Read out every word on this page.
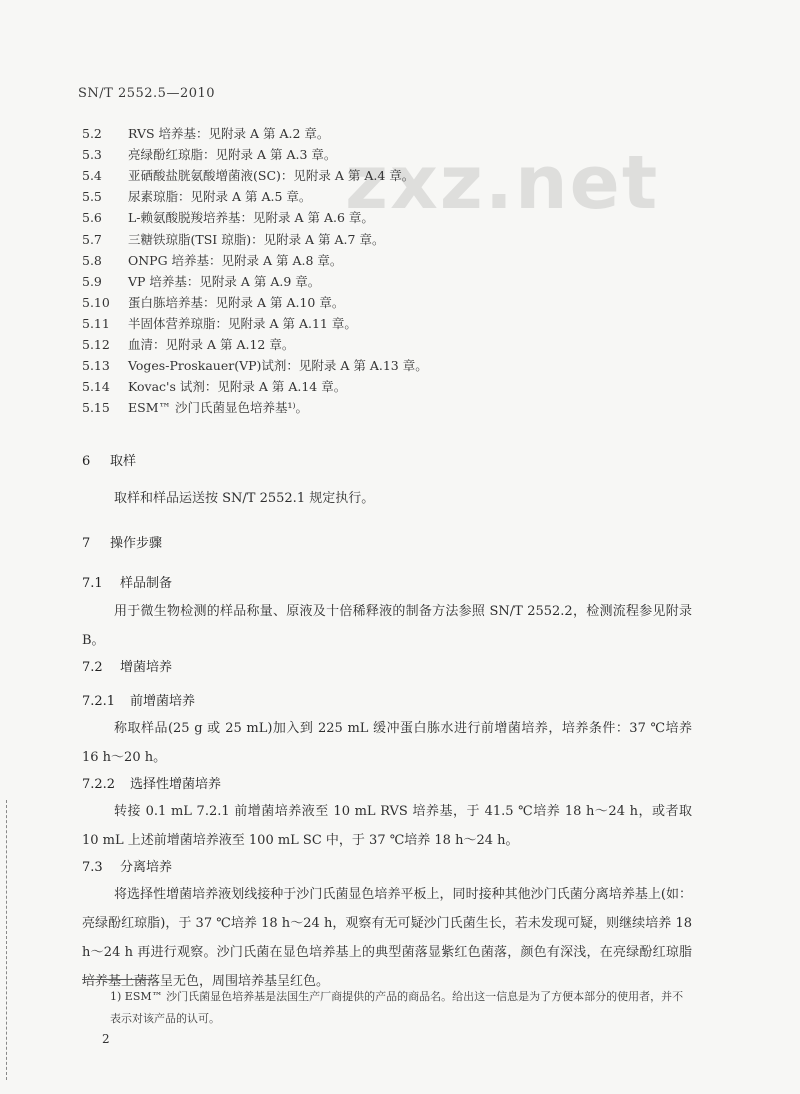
SN/T 2552.5—2010
zxz.net
5.2 RVS 培养基：见附录 A 第 A.2 章。
5.3 亮绿酚红琼脂：见附录 A 第 A.3 章。
5.4 亚硒酸盐胱氨酸增菌液(SC)：见附录 A 第 A.4 章。
5.5 尿素琼脂：见附录 A 第 A.5 章。
5.6 L-赖氨酸脱羧培养基：见附录 A 第 A.6 章。
5.7 三糖铁琼脂(TSI 琼脂)：见附录 A 第 A.7 章。
5.8 ONPG 培养基：见附录 A 第 A.8 章。
5.9 VP 培养基：见附录 A 第 A.9 章。
5.10 蛋白胨培养基：见附录 A 第 A.10 章。
5.11 半固体营养琼脂：见附录 A 第 A.11 章。
5.12 血清：见附录 A 第 A.12 章。
5.13 Voges-Proskauer(VP)试剂：见附录 A 第 A.13 章。
5.14 Kovac's 试剂：见附录 A 第 A.14 章。
5.15 ESM™ 沙门氏菌显色培养基¹⁾。
6 取样
取样和样品运送按 SN/T 2552.1 规定执行。
7 操作步骤
7.1 样品制备
用于微生物检测的样品称量、原液及十倍稀释液的制备方法参照 SN/T 2552.2，检测流程参见附录 B。
7.2 增菌培养
7.2.1 前增菌培养
称取样品(25 g 或 25 mL)加入到 225 mL 缓冲蛋白胨水进行前增菌培养，培养条件：37 ℃培养 16 h～20 h。
7.2.2 选择性增菌培养
转接 0.1 mL 7.2.1 前增菌培养液至 10 mL RVS 培养基，于 41.5 ℃培养 18 h～24 h，或者取 10 mL 上述前增菌培养液至 100 mL SC 中，于 37 ℃培养 18 h～24 h。
7.3 分离培养
将选择性增菌培养液划线接种于沙门氏菌显色培养平板上，同时接种其他沙门氏菌分离培养基上(如：亮绿酚红琼脂)，于 37 ℃培养 18 h～24 h，观察有无可疑沙门氏菌生长，若未发现可疑，则继续培养 18 h～24 h 再进行观察。沙门氏菌在显色培养基上的典型菌落显紫红色菌落，颜色有深浅，在亮绿酚红琼脂培养基上菌落呈无色，周围培养基呈红色。
1) ESM™ 沙门氏菌显色培养基是法国生产厂商提供的产品的商品名。给出这一信息是为了方便本部分的使用者，并不表示对该产品的认可。
2
